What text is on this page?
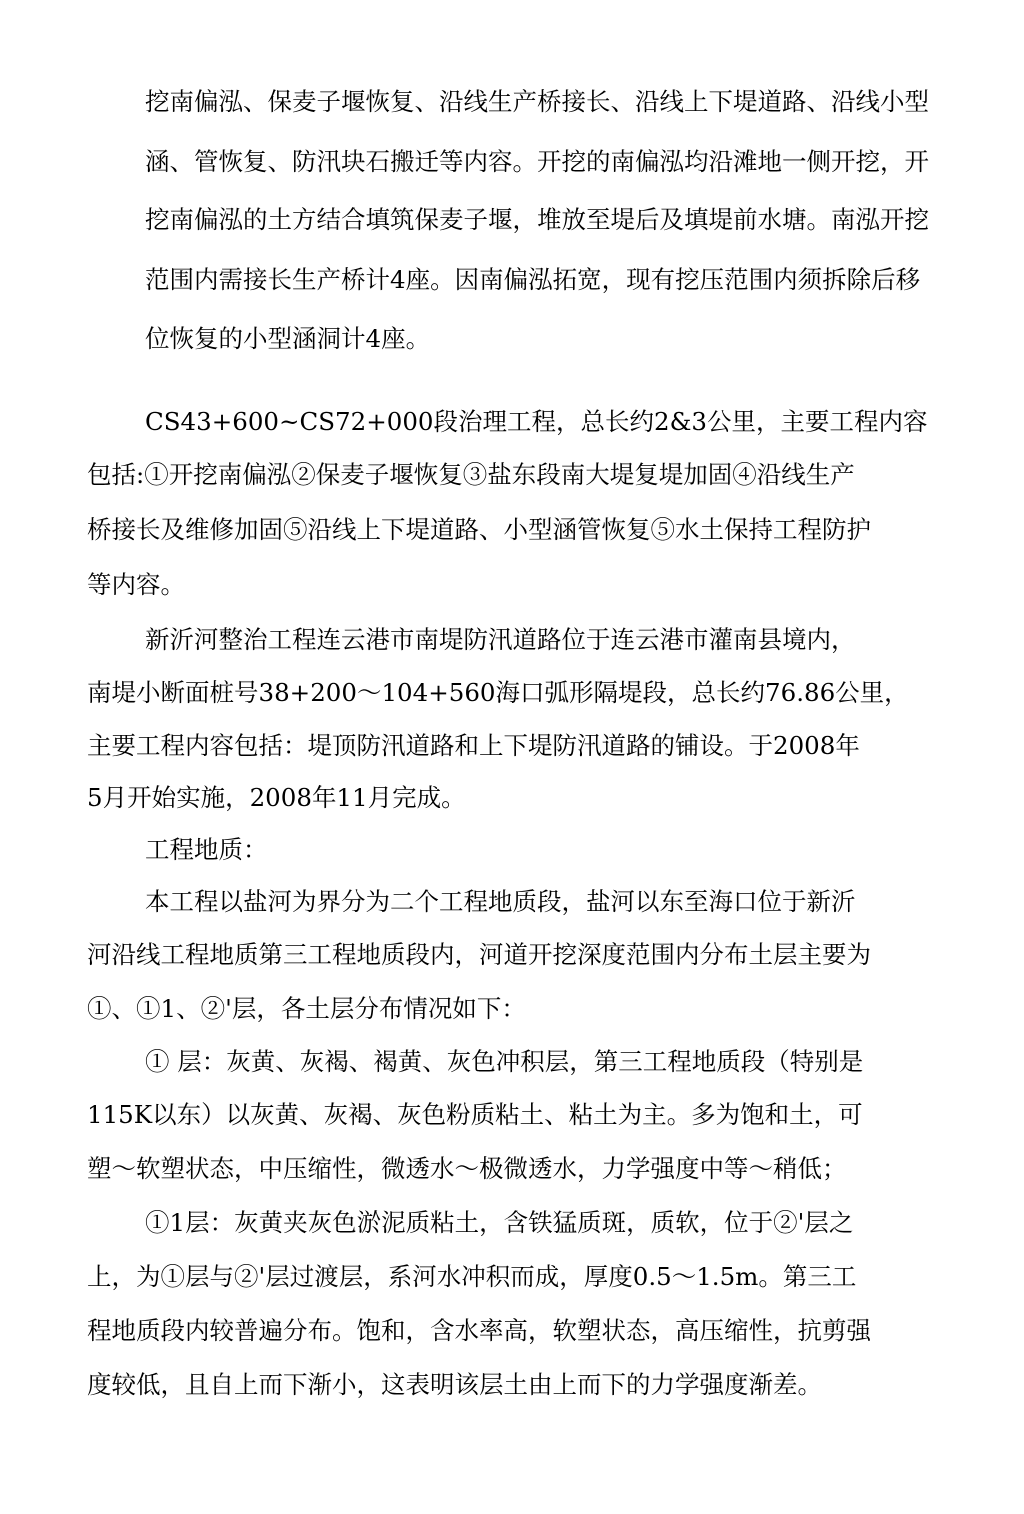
挖南偏泓、保麦子堰恢复、沿线生产桥接长、沿线上下堤道路、沿线小型
涵、管恢复、防汛块石搬迁等内容。开挖的南偏泓均沿滩地一侧开挖，开
挖南偏泓的土方结合填筑保麦子堰，堆放至堤后及填堤前水塘。南泓开挖
范围内需接长生产桥计4座。因南偏泓拓宽，现有挖压范围内须拆除后移
位恢复的小型涵洞计4座。
CS43+600~CS72+000段治理工程，总长约2&3公里，主要工程内容
包括:①开挖南偏泓②保麦子堰恢复③盐东段南大堤复堤加固④沿线生产
桥接长及维修加固⑤沿线上下堤道路、小型涵管恢复⑤水土保持工程防护
等内容。
新沂河整治工程连云港市南堤防汛道路位于连云港市灌南县境内，
南堤小断面桩号38+200～104+560海口弧形隔堤段，总长约76.86公里，
主要工程内容包括：堤顶防汛道路和上下堤防汛道路的铺设。于2008年
5月开始实施，2008年11月完成。
工程地质：
本工程以盐河为界分为二个工程地质段，盐河以东至海口位于新沂
河沿线工程地质第三工程地质段内，河道开挖深度范围内分布土层主要为
①、①1、②'层，各土层分布情况如下：
① 层：灰黄、灰褐、褐黄、灰色冲积层，第三工程地质段（特别是
115K以东）以灰黄、灰褐、灰色粉质粘土、粘土为主。多为饱和土，可
塑～软塑状态，中压缩性，微透水～极微透水，力学强度中等～稍低；
①1层：灰黄夹灰色淤泥质粘土，含铁猛质斑，质软，位于②'层之
上，为①层与②'层过渡层，系河水冲积而成，厚度0.5～1.5m。第三工
程地质段内较普遍分布。饱和，含水率高，软塑状态，高压缩性，抗剪强
度较低，且自上而下渐小，这表明该层土由上而下的力学强度渐差。
